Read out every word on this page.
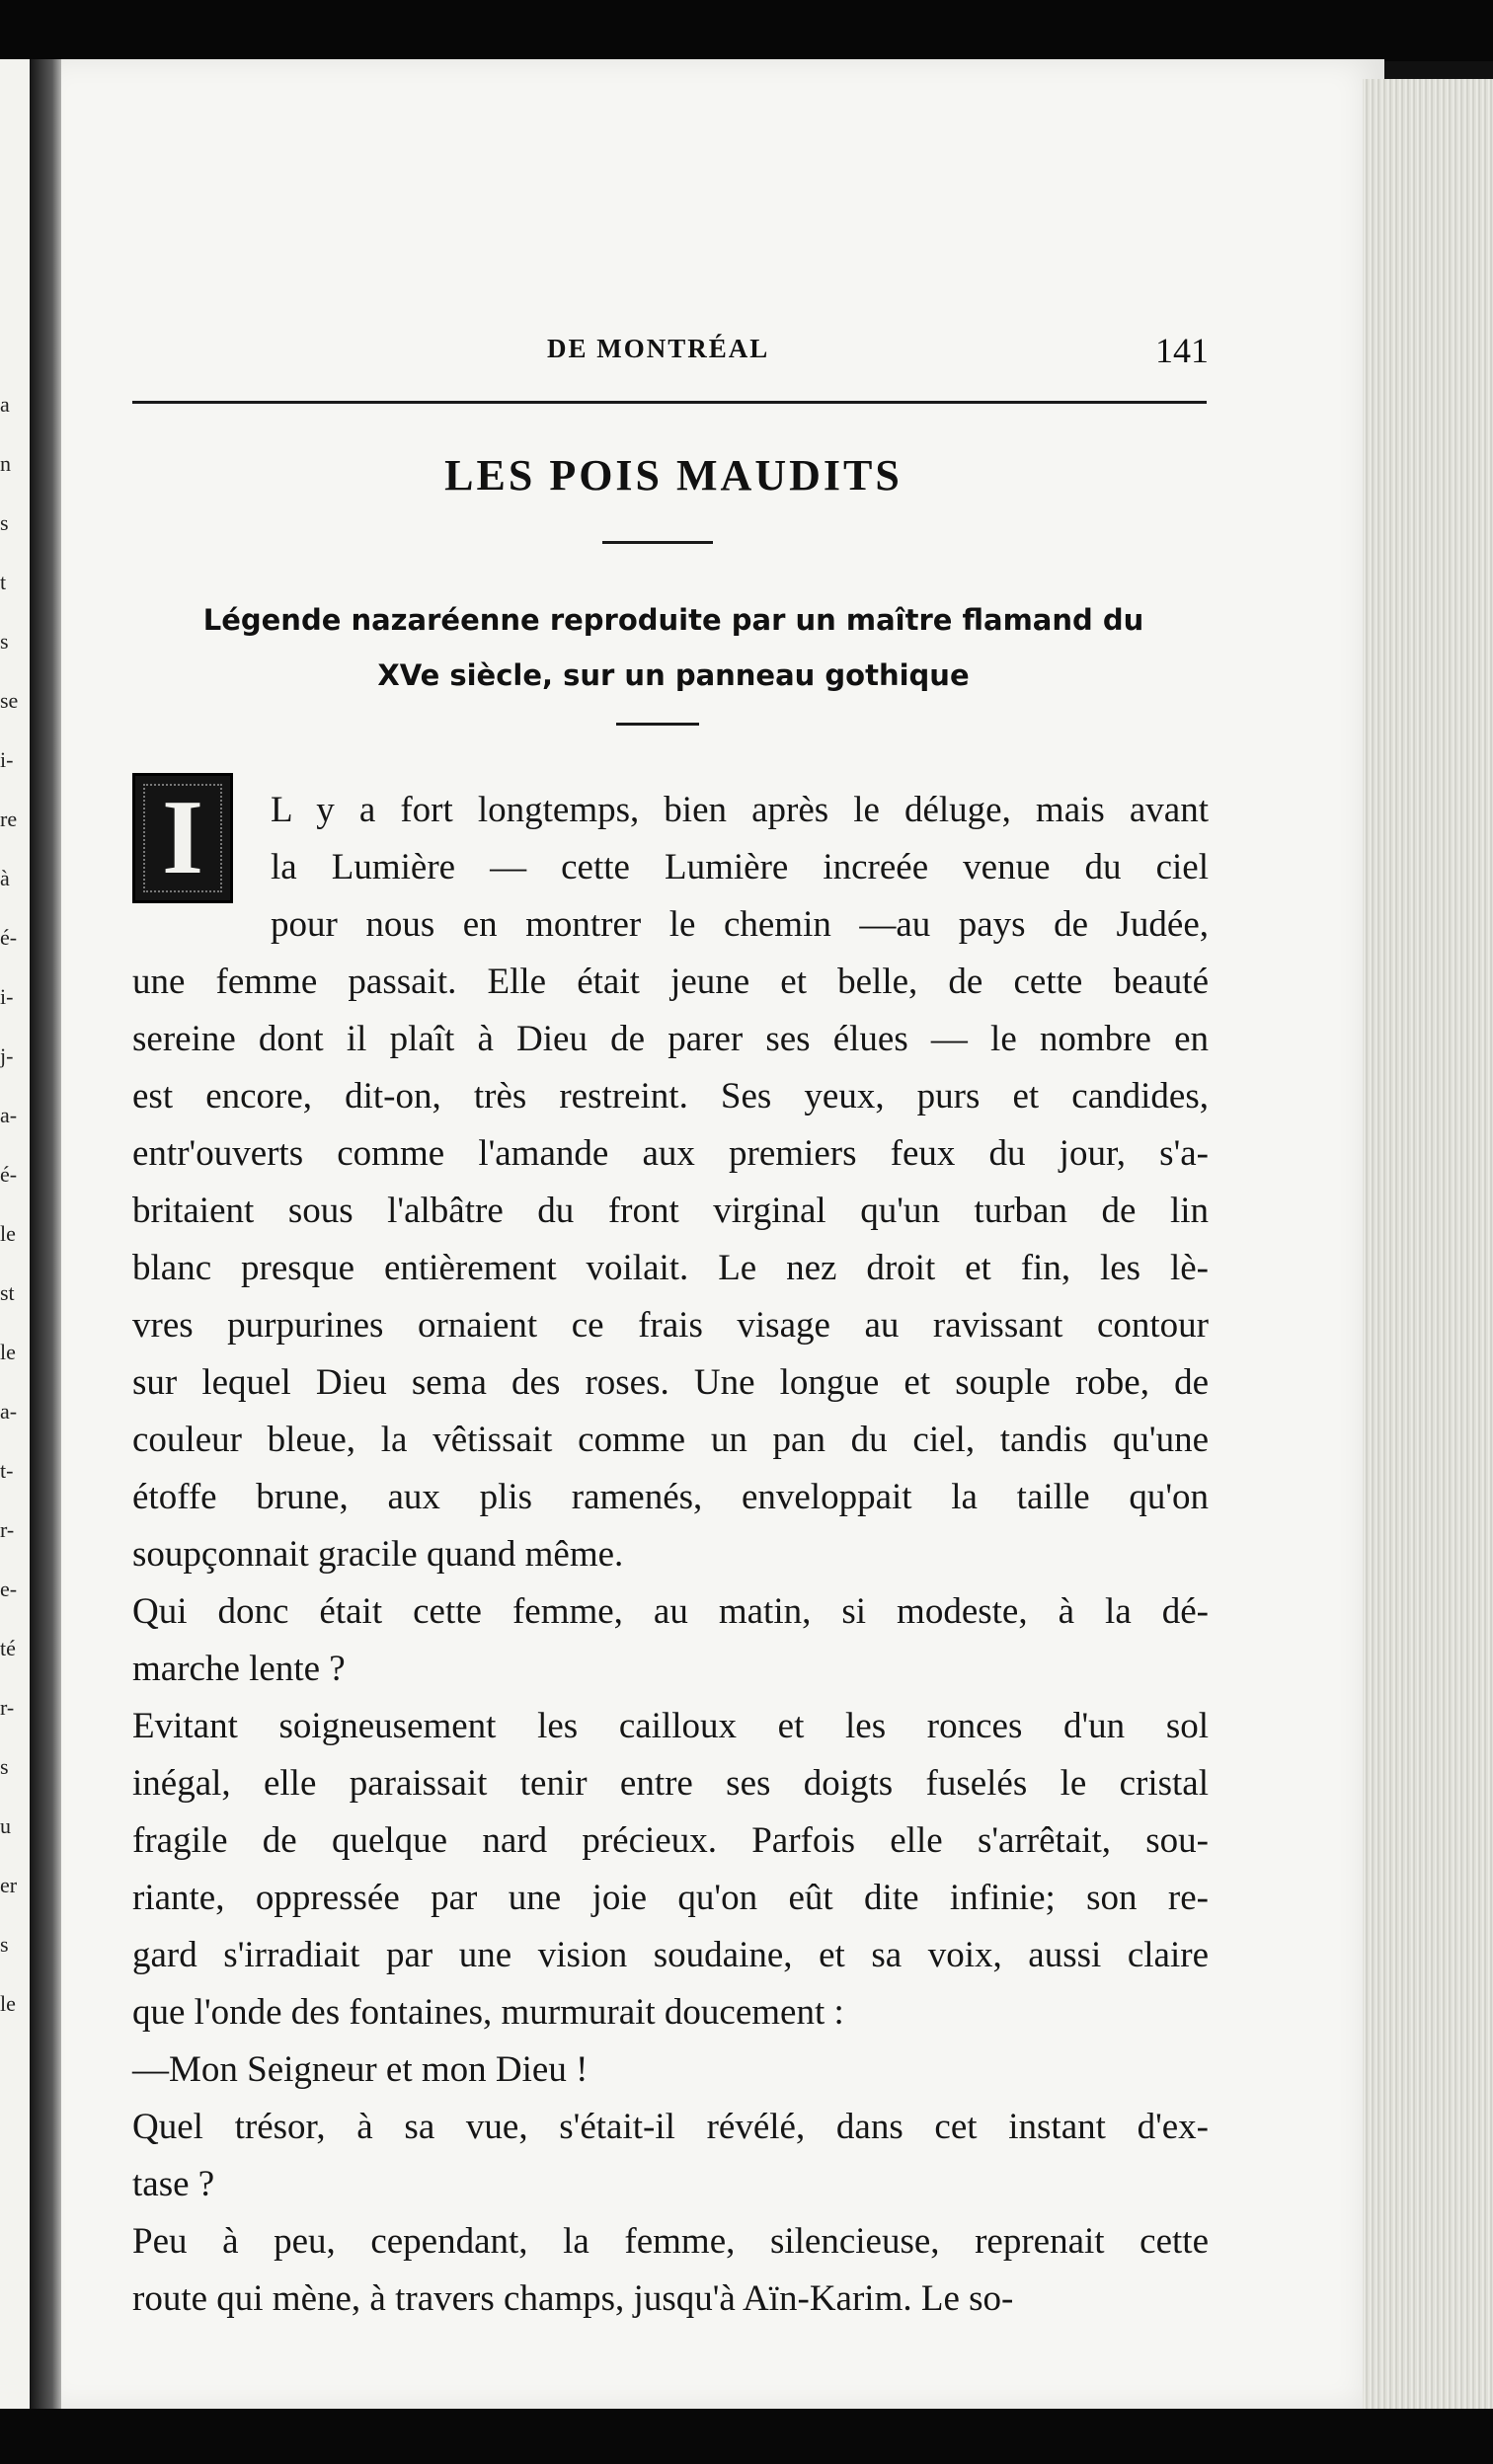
a
n
s
t
s
se
i-
re
à
é-
i-
j-
a-
é-
le
st
le
a-
t-
r-
e-
té
r-
s
u
er
s
le
DE MONTRÉAL	141
LES POIS MAUDITS
Légende nazaréenne reproduite par un maître flamand du
XVe siècle, sur un panneau gothique
I	L y a fort longtemps, bien après le déluge, mais avant
la Lumière — cette Lumière increée venue du ciel
pour nous en montrer le chemin —au pays de Judée,
une femme passait. Elle était jeune et belle, de cette beauté
sereine dont il plaît à Dieu de parer ses élues — le nombre en
est encore, dit-on, très restreint. Ses yeux, purs et candides,
entr'ouverts comme l'amande aux premiers feux du jour, s'a-
britaient sous l'albâtre du front virginal qu'un turban de lin
blanc presque entièrement voilait. Le nez droit et fin, les lè-
vres purpurines ornaient ce frais visage au ravissant contour
sur lequel Dieu sema des roses. Une longue et souple robe, de
couleur bleue, la vêtissait comme un pan du ciel, tandis qu'une
étoffe brune, aux plis ramenés, enveloppait la taille qu'on
soupçonnait gracile quand même.
Qui donc était cette femme, au matin, si modeste, à la dé-
marche lente ?
Evitant soigneusement les cailloux et les ronces d'un sol
inégal, elle paraissait tenir entre ses doigts fuselés le cristal
fragile de quelque nard précieux. Parfois elle s'arrêtait, sou-
riante, oppressée par une joie qu'on eût dite infinie; son re-
gard s'irradiait par une vision soudaine, et sa voix, aussi claire
que l'onde des fontaines, murmurait doucement :
—Mon Seigneur et mon Dieu !
Quel trésor, à sa vue, s'était-il révélé, dans cet instant d'ex-
tase ?
Peu à peu, cependant, la femme, silencieuse, reprenait cette
route qui mène, à travers champs, jusqu'à Aïn-Karim. Le so-
